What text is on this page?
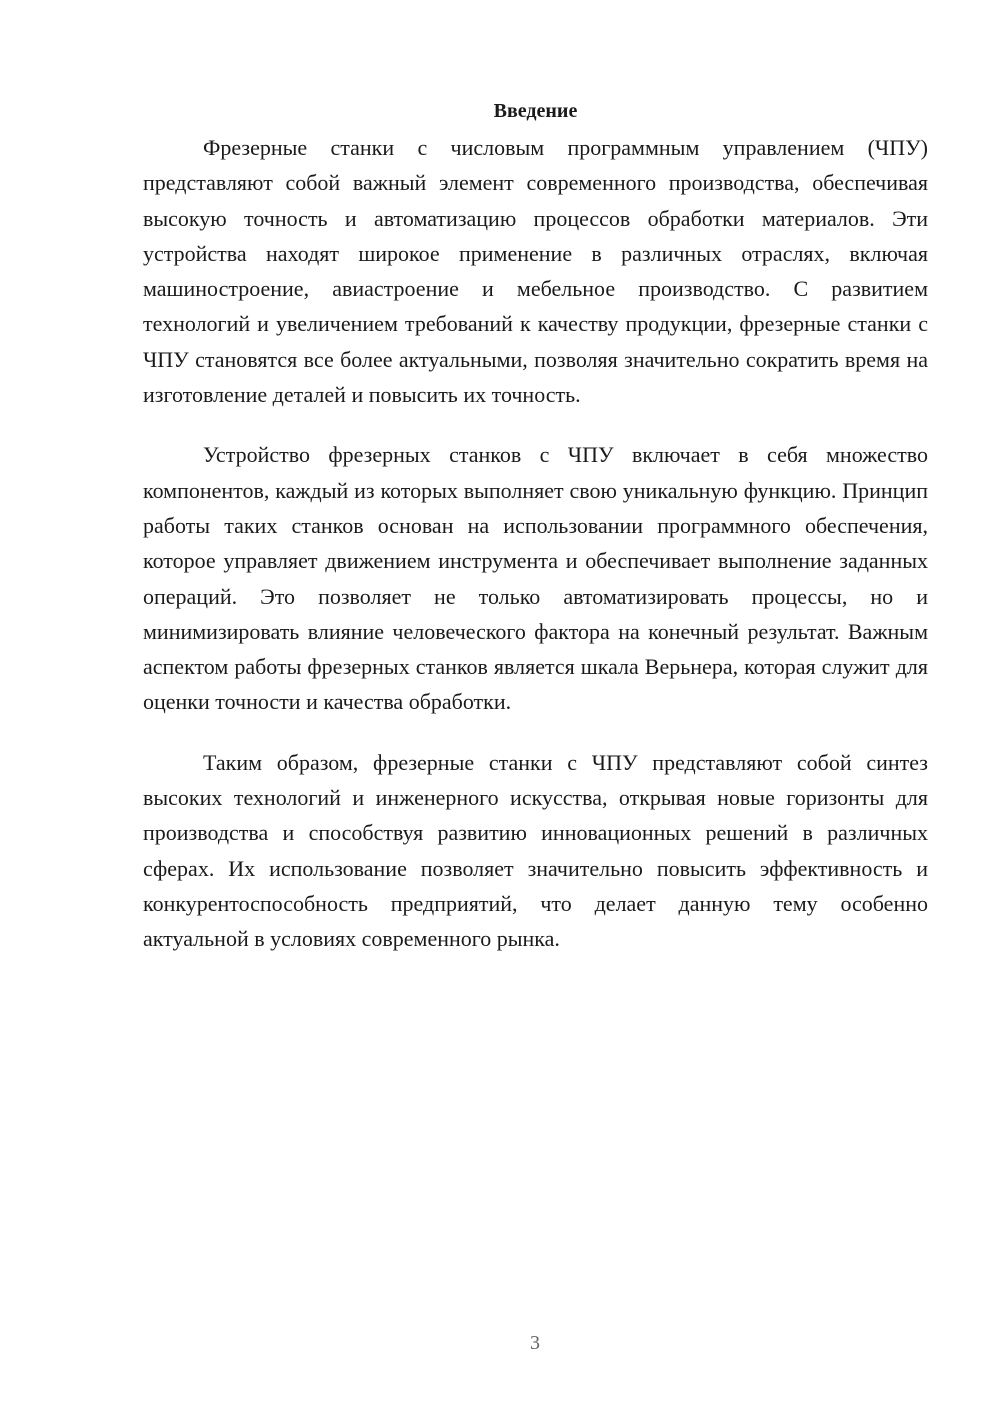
Введение

Фрезерные станки с числовым программным управлением (ЧПУ) представляют собой важный элемент современного производства, обеспечивая высокую точность и автоматизацию процессов обработки материалов. Эти устройства находят широкое применение в различных отраслях, включая машиностроение, авиастроение и мебельное производство. С развитием технологий и увеличением требований к качеству продукции, фрезерные станки с ЧПУ становятся все более актуальными, позволяя значительно сократить время на изготовление деталей и повысить их точность.

Устройство фрезерных станков с ЧПУ включает в себя множество компонентов, каждый из которых выполняет свою уникальную функцию. Принцип работы таких станков основан на использовании программного обеспечения, которое управляет движением инструмента и обеспечивает выполнение заданных операций. Это позволяет не только автоматизировать процессы, но и минимизировать влияние человеческого фактора на конечный результат. Важным аспектом работы фрезерных станков является шкала Верьнера, которая служит для оценки точности и качества обработки.

Таким образом, фрезерные станки с ЧПУ представляют собой синтез высоких технологий и инженерного искусства, открывая новые горизонты для производства и способствуя развитию инновационных решений в различных сферах. Их использование позволяет значительно повысить эффективность и конкурентоспособность предприятий, что делает данную тему особенно актуальной в условиях современного рынка.

3
